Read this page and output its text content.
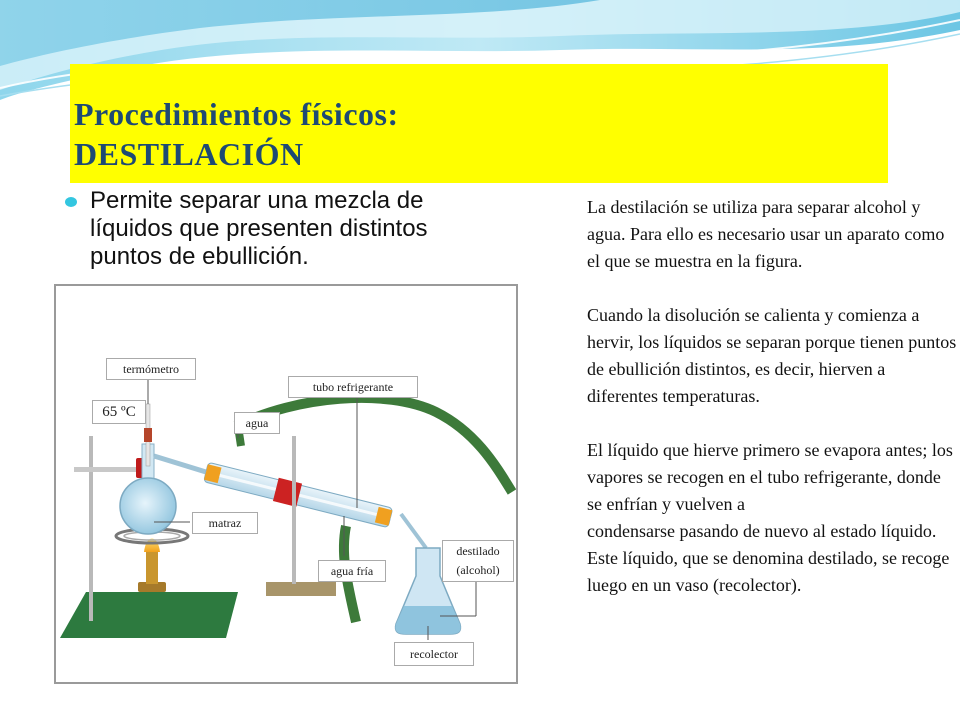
Procedimientos físicos:
DESTILACIÓN
Permite separar una mezcla de líquidos que presenten distintos puntos de ebullición.
termómetro
65 ºC
tubo refrigerante
agua
matraz
agua fría
destilado
(alcohol)
recolector

La destilación se utiliza para separar alcohol y agua. Para ello es necesario usar un aparato como el que se muestra en la figura.

Cuando la disolución se calienta y comienza a hervir, los líquidos se separan porque tienen puntos de ebullición distintos, es decir, hierven a diferentes temperaturas.

El líquido que hierve primero se evapora antes; los vapores se recogen en el tubo refrigerante, donde se enfrían y vuelven a
condensarse pasando de nuevo al estado líquido. Este líquido, que se denomina destilado, se recoge luego en un vaso (recolector).
